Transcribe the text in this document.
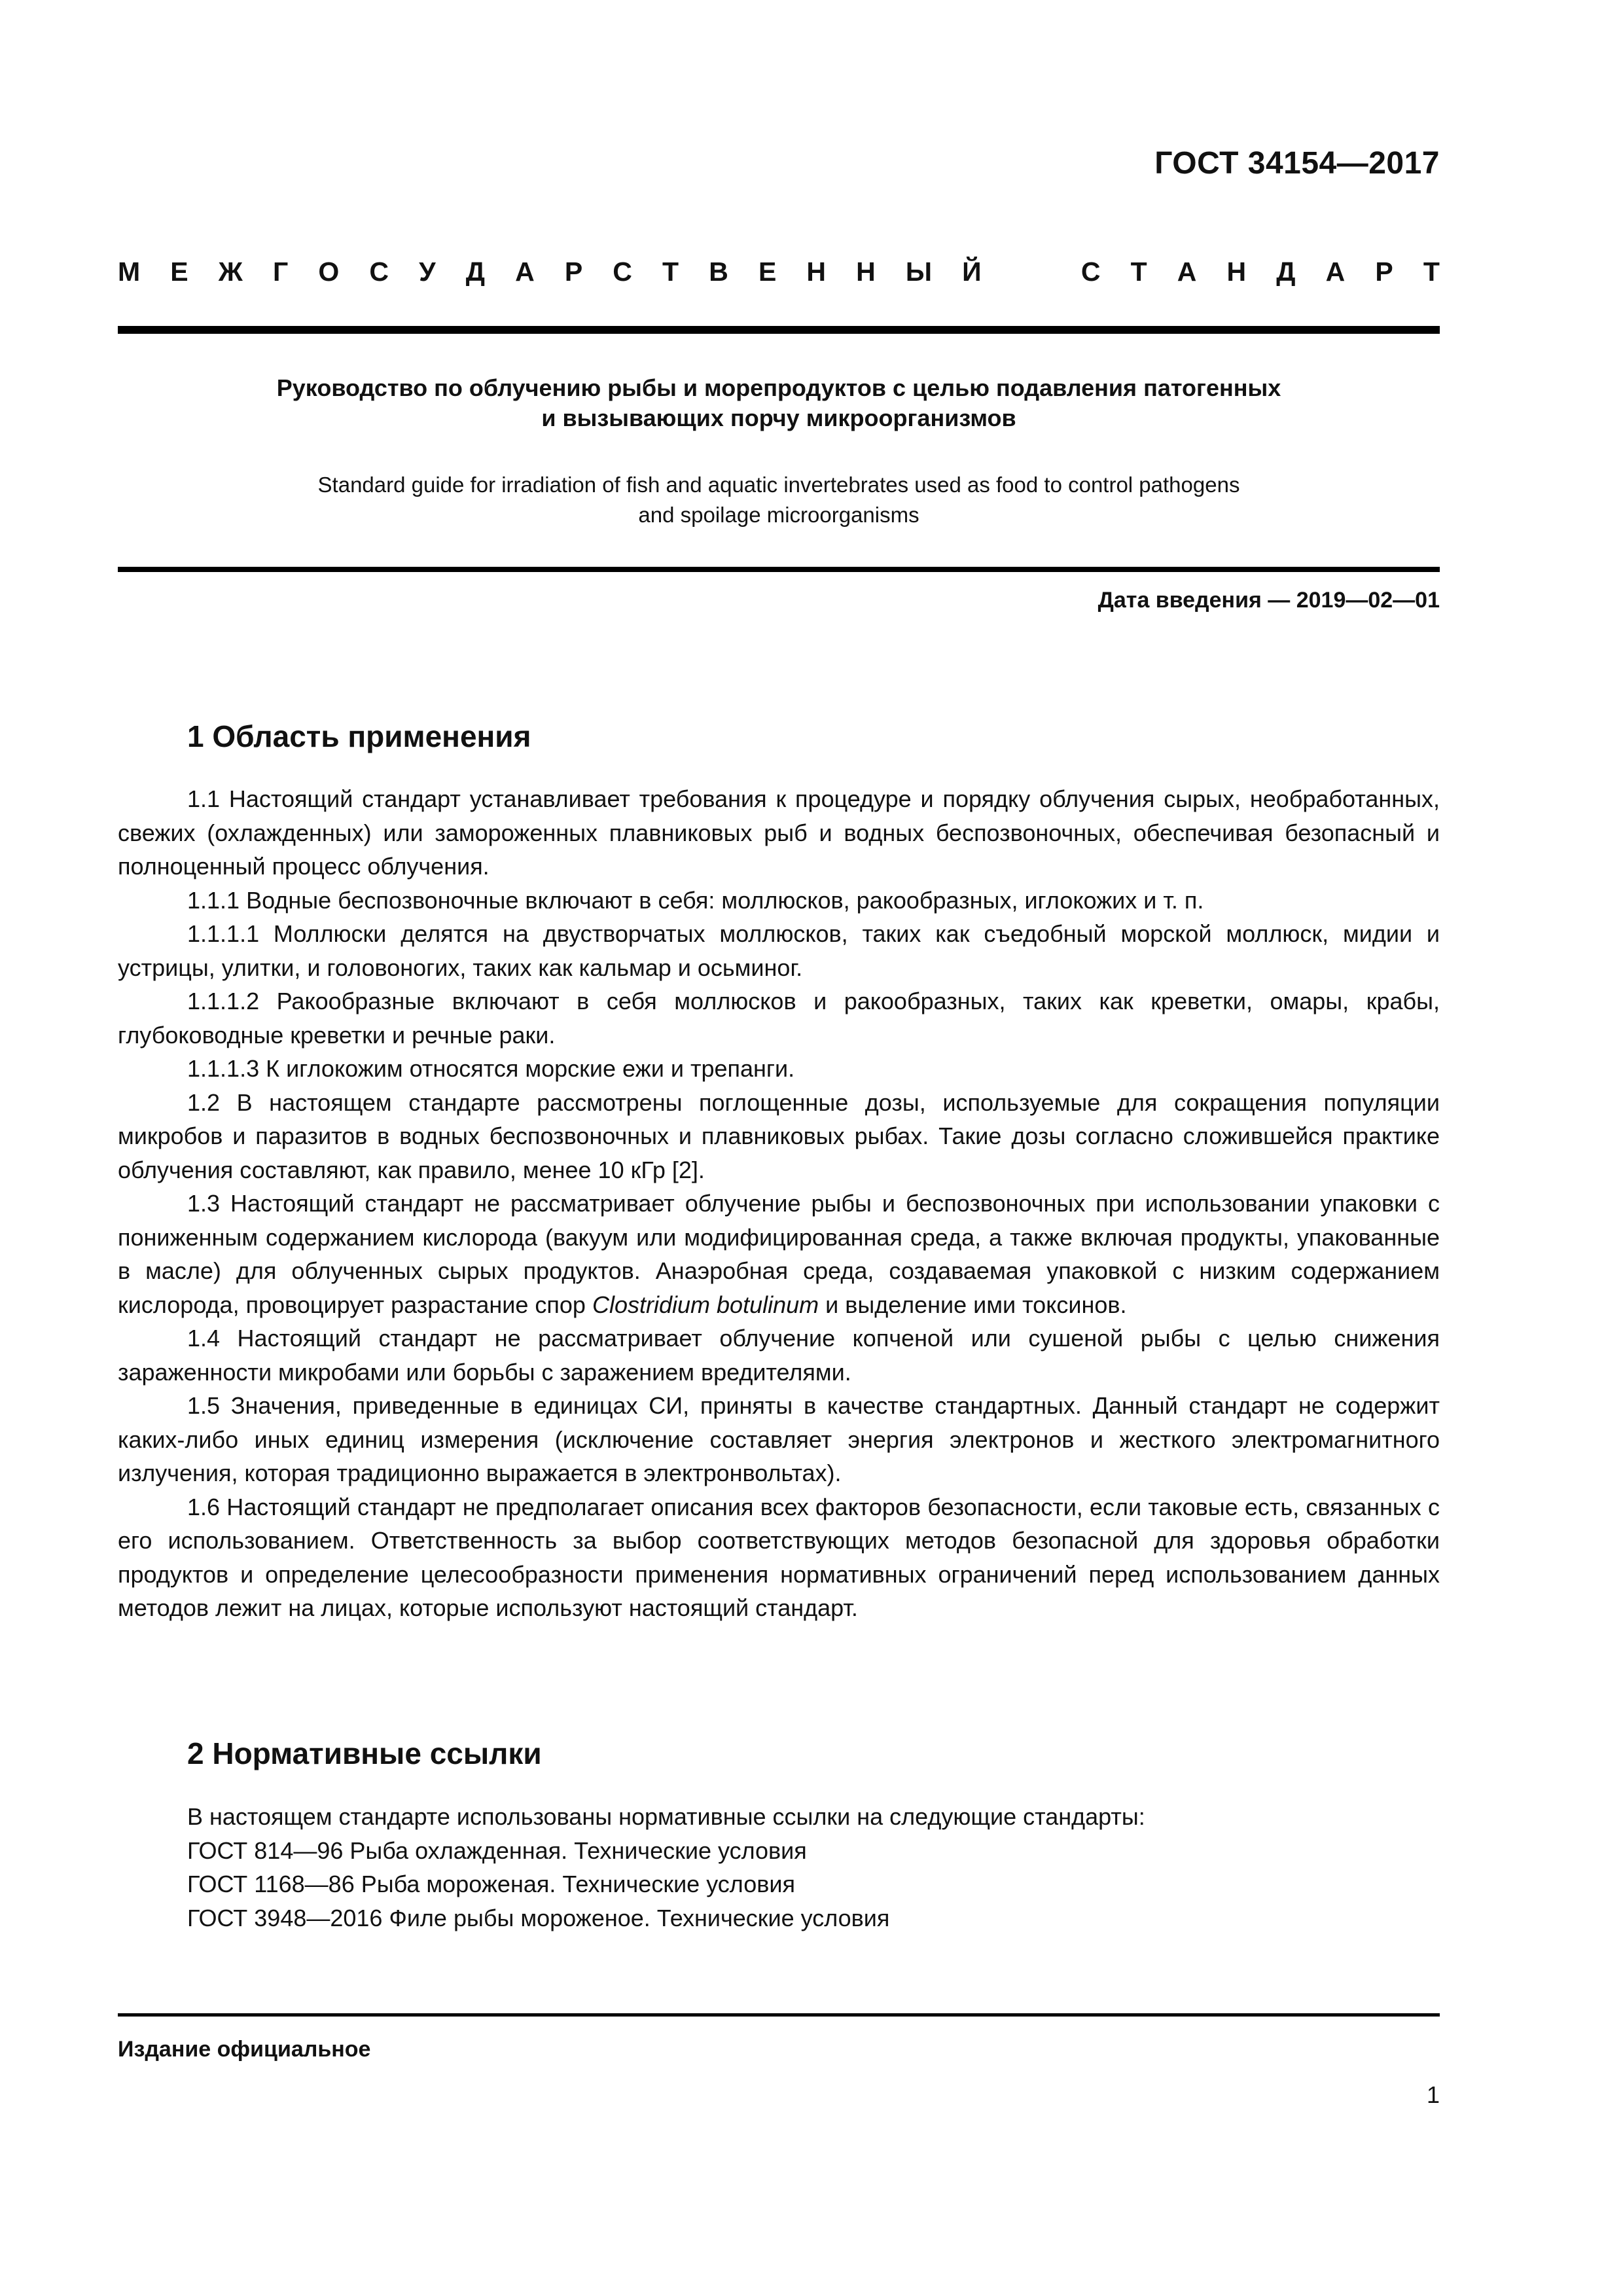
ГОСТ 34154—2017
М Е Ж Г О С У Д А Р С Т В Е Н Н Ы Й	С Т А Н Д А Р Т
Руководство по облучению рыбы и морепродуктов с целью подавления патогенных
и вызывающих порчу микроорганизмов
Standard guide for irradiation of fish and aquatic invertebrates used as food to control pathogens
and spoilage microorganisms
Дата введения — 2019—02—01
1 Область применения

1.1 Настоящий стандарт устанавливает требования к процедуре и порядку облучения сырых, необработанных, свежих (охлажденных) или замороженных плавниковых рыб и водных беспозвоночных, обеспечивая безопасный и полноценный процесс облучения.

1.1.1 Водные беспозвоночные включают в себя: моллюсков, ракообразных, иглокожих и т. п.

1.1.1.1 Моллюски делятся на двустворчатых моллюсков, таких как съедобный морской моллюск, мидии и устрицы, улитки, и головоногих, таких как кальмар и осьминог.

1.1.1.2 Ракообразные включают в себя моллюсков и ракообразных, таких как креветки, омары, крабы, глубоководные креветки и речные раки.

1.1.1.3 К иглокожим относятся морские ежи и трепанги.

1.2 В настоящем стандарте рассмотрены поглощенные дозы, используемые для сокращения популяции микробов и паразитов в водных беспозвоночных и плавниковых рыбах. Такие дозы согласно сложившейся практике облучения составляют, как правило, менее 10 кГр [2].

1.3 Настоящий стандарт не рассматривает облучение рыбы и беспозвоночных при использовании упаковки с пониженным содержанием кислорода (вакуум или модифицированная среда, а также включая продукты, упакованные в масле) для облученных сырых продуктов. Анаэробная среда, создаваемая упаковкой с низким содержанием кислорода, провоцирует разрастание спор Clostridium botulinum и выделение ими токсинов.

1.4 Настоящий стандарт не рассматривает облучение копченой или сушеной рыбы с целью снижения зараженности микробами или борьбы с заражением вредителями.

1.5 Значения, приведенные в единицах СИ, приняты в качестве стандартных. Данный стандарт не содержит каких-либо иных единиц измерения (исключение составляет энергия электронов и жесткого электромагнитного излучения, которая традиционно выражается в электронвольтах).

1.6 Настоящий стандарт не предполагает описания всех факторов безопасности, если таковые есть, связанных с его использованием. Ответственность за выбор соответствующих методов безопасной для здоровья обработки продуктов и определение целесообразности применения нормативных ограничений перед использованием данных методов лежит на лицах, которые используют настоящий стандарт.

2 Нормативные ссылки

В настоящем стандарте использованы нормативные ссылки на следующие стандарты:

ГОСТ 814—96 Рыба охлажденная. Технические условия

ГОСТ 1168—86 Рыба мороженая. Технические условия

ГОСТ 3948—2016 Филе рыбы мороженое. Технические условия

Издание официальное
1
